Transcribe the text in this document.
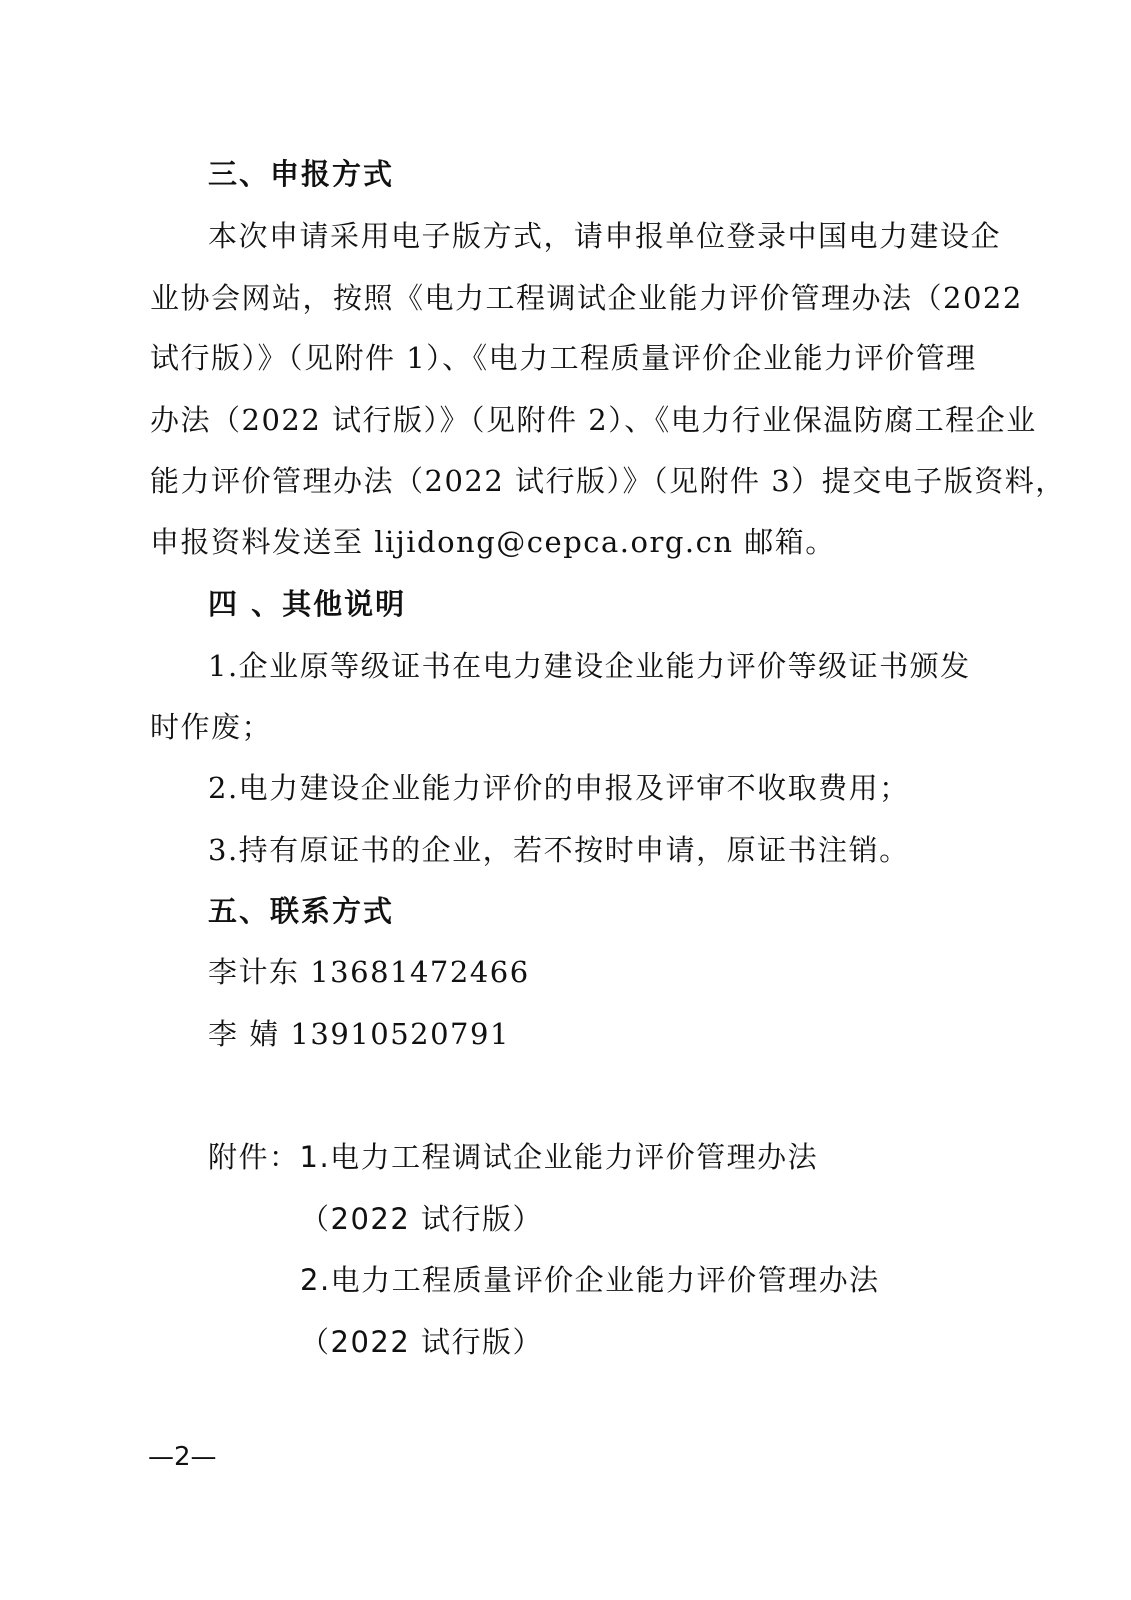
三、申报方式
本次申请采用电子版方式，请申报单位登录中国电力建设企
业协会网站，按照《电力工程调试企业能力评价管理办法（2022
试行版）》（见附件 1）、《电力工程质量评价企业能力评价管理
办法（2022 试行版）》（见附件 2）、《电力行业保温防腐工程企业
能力评价管理办法（2022 试行版）》（见附件 3）提交电子版资料，
申报资料发送至 lijidong@cepca.org.cn 邮箱。
四 、其他说明
1.企业原等级证书在电力建设企业能力评价等级证书颁发
时作废；
2.电力建设企业能力评价的申报及评审不收取费用；
3.持有原证书的企业，若不按时申请，原证书注销。
五、联系方式
李计东 13681472466
李 婧 13910520791
附件：1.电力工程调试企业能力评价管理办法
（2022 试行版）
2.电力工程质量评价企业能力评价管理办法
（2022 试行版）
—2—
